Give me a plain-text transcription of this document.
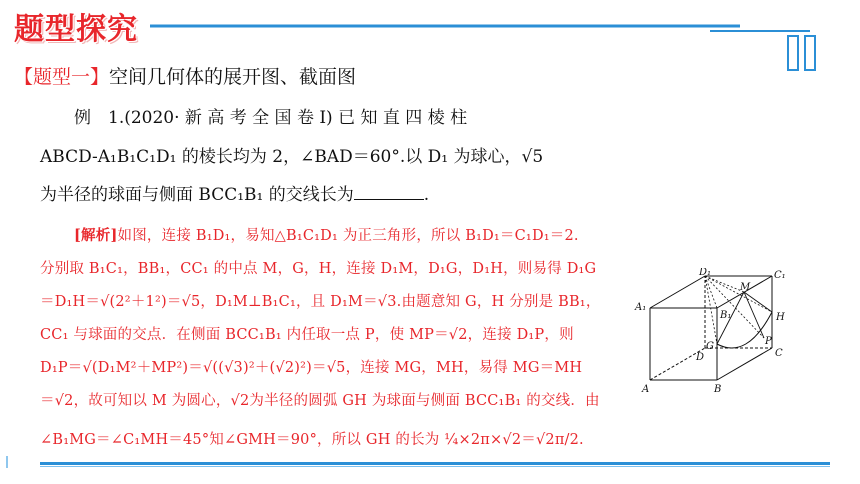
题型探究
【题型一】空间几何体的展开图、截面图
例　1.(2020· 新 高 考 全 国 卷 Ⅰ) 已 知 直 四 棱 柱
ABCD-A₁B₁C₁D₁ 的棱长均为 2，∠BAD＝60°.以 D₁ 为球心，√5
为半径的球面与侧面 BCC₁B₁ 的交线长为	.
[解析]如图，连接 B₁D₁，易知△B₁C₁D₁ 为正三角形，所以 B₁D₁＝C₁D₁＝2.
分别取 B₁C₁，BB₁，CC₁ 的中点 M，G，H，连接 D₁M，D₁G，D₁H，则易得 D₁G
＝D₁H＝√(2²＋1²)＝√5，D₁M⊥B₁C₁，且 D₁M＝√3.由题意知 G，H 分别是 BB₁，
CC₁ 与球面的交点．在侧面 BCC₁B₁ 内任取一点 P，使 MP＝√2，连接 D₁P，则
D₁P＝√(D₁M²＋MP²)＝√((√3)²＋(√2)²)＝√5，连接 MG，MH，易得 MG＝MH
＝√2，故可知以 M 为圆心，√2为半径的圆弧 GH 为球面与侧面 BCC₁B₁ 的交线．由
∠B₁MG＝∠C₁MH＝45°知∠GMH＝90°，所以 GH 的长为 ¼×2π×√2＝√2π/2.
D₁	C₁
A₁
M
B₁	H
G	P
D	C
A	B
